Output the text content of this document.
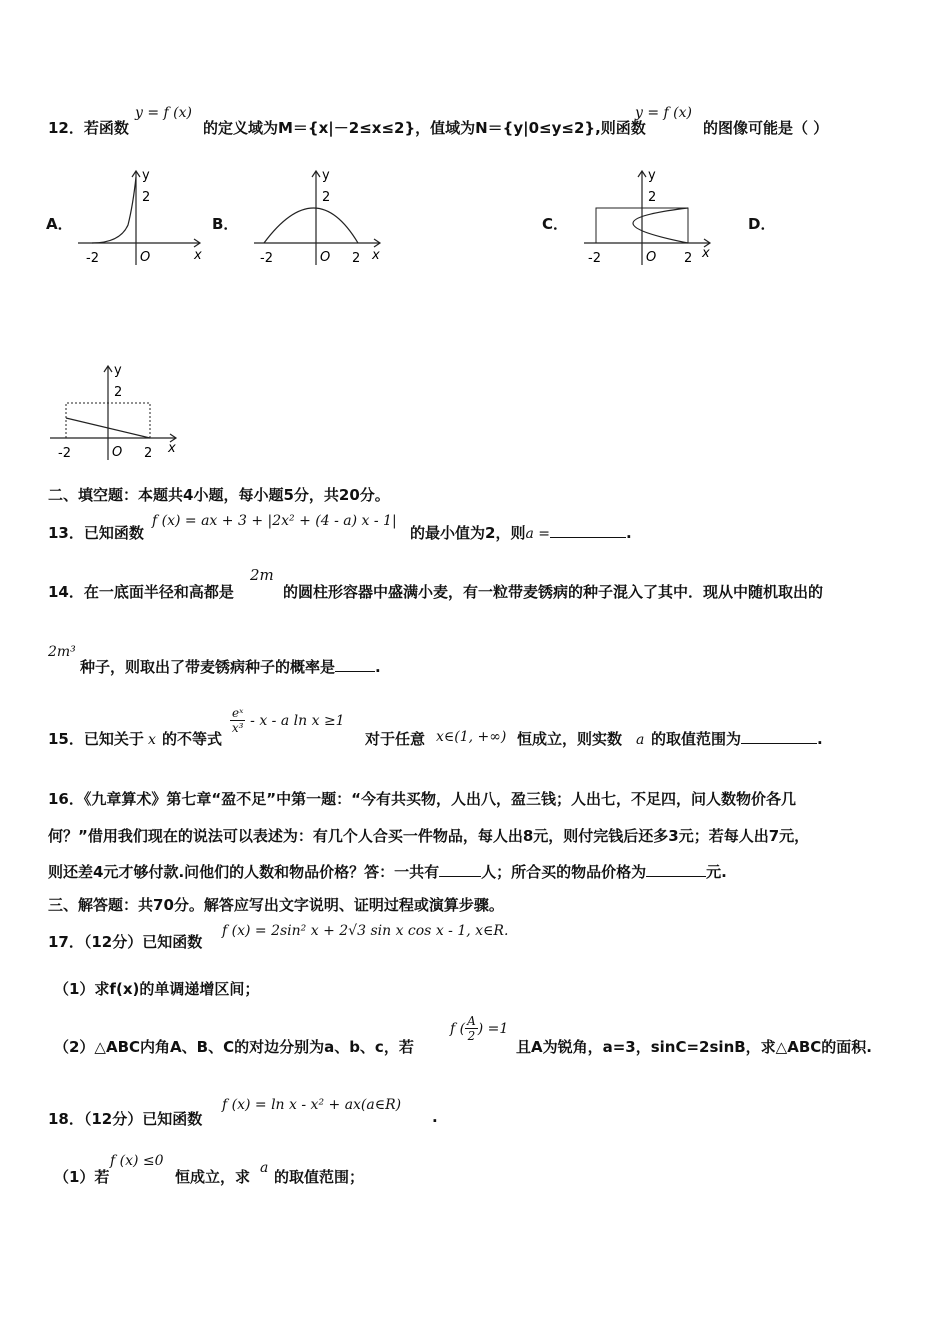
12．若函数
y = f (x)
的定义域为M＝{x|－2≤x≤2}，值域为N＝{y|0≤y≤2},则函数
y = f (x)
的图像可能是（ ）
A．	B．	C．	D．
y
2
-2	O	x
y
2
-2	O 2 x
y
2
-2	O 2 x
y
2
-2	O 2 x
二、填空题：本题共4小题，每小题5分，共20分。
13．已知函数
f (x) = ax + 3 + |2x² + (4 - a) x - 1|
的最小值为2，则a =	.
14．在一底面半径和高都是
2m
的圆柱形容器中盛满小麦，有一粒带麦锈病的种子混入了其中．现从中随机取出的
2m³
种子，则取出了带麦锈病种子的概率是	.
15．已知关于 x 的不等式
$\frac{\text{eˣ}}{\text{x³}}$ - x - a ln x ≥1
对于任意 x∈(1, +∞) 恒成立，则实数 a 的取值范围为	.
16．《九章算术》第七章“盈不足”中第一题：“今有共买物，人出八，盈三钱；人出七，不足四，问人数物价各几
何？”借用我们现在的说法可以表述为：有几个人合买一件物品，每人出8元，则付完钱后还多3元；若每人出7元，
则还差4元才够付款.问他们的人数和物品价格？答：一共有	人；所合买的物品价格为	元.
三、解答题：共70分。解答应写出文字说明、证明过程或演算步骤。
17．（12分）已知函数
f (x) = 2sin² x + 2√3 sin x cos x - 1, x∈R.
（1）求f(x)的单调递增区间；
（2）△ABC内角A、B、C的对边分别为a、b、c，若
f ( $\frac{A}{2}$ ) =1
且A为锐角，a=3，sinC=2sinB，求△ABC的面积.
18．（12分）已知函数
f (x) = ln x - x² + ax(a∈R)
.
（1）若
f (x) ≤0
恒成立，求 a 的取值范围；
